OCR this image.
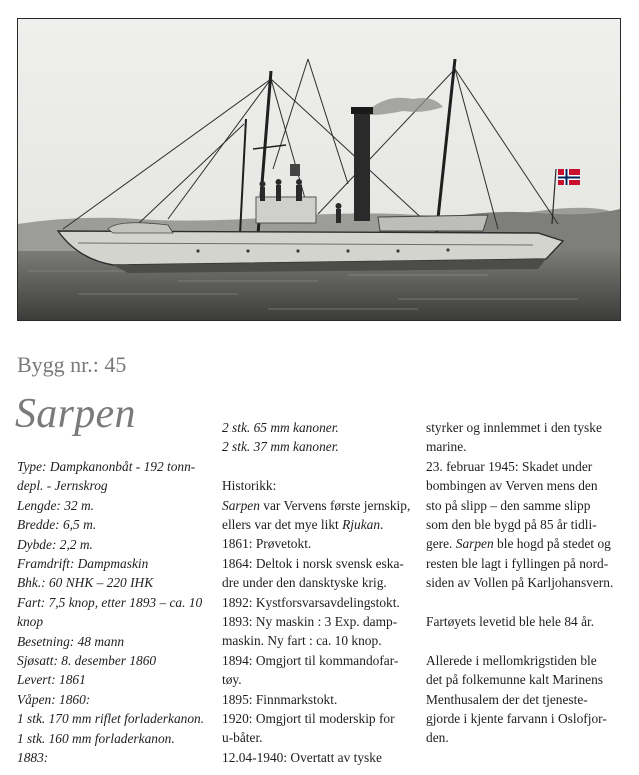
Bygg nr.: 45
Sarpen

Type: Dampkanonbåt - 192 tonn-

depl. - Jernskrog

Lengde: 32 m.

Bredde: 6,5 m.

Dybde: 2,2 m.

Framdrift: Dampmaskin

Bhk.: 60 NHK – 220 IHK

Fart: 7,5 knop, etter 1893 – ca. 10

knop

Besetning: 48 mann

Sjøsatt: 8. desember 1860

Levert: 1861

Våpen: 1860:

1 stk. 170 mm riflet forladerkanon.

1 stk. 160 mm forladerkanon.

1883:

2 stk. 65 mm kanoner.

2 stk. 37 mm kanoner.

Historikk:

Sarpen var Vervens første jernskip,

ellers var det mye likt Rjukan.

1861: Prøvetokt.

1864: Deltok i norsk svensk eska-

dre under den dansktyske krig.

1892: Kystforsvarsavdelingstokt.

1893: Ny maskin : 3 Exp. damp-

maskin. Ny fart : ca. 10 knop.

1894: Omgjort til kommandofar-

tøy.

1895: Finnmarkstokt.

1920: Omgjort til moderskip for

u-båter.

12.04-1940: Overtatt av tyske

styrker og innlemmet i den tyske

marine.

23. februar 1945: Skadet under

bombingen av Verven mens den

sto på slipp – den samme slipp

som den ble bygd på 85 år tidli-

gere. Sarpen ble hogd på stedet og

resten ble lagt i fyllingen på nord-

siden av Vollen på Karljohansvern.

Fartøyets levetid ble hele 84 år.

Allerede i mellomkrigstiden ble

det på folkemunne kalt Marinens

Menthusalem der det tjeneste-

gjorde i kjente farvann i Oslofjor-

den.
